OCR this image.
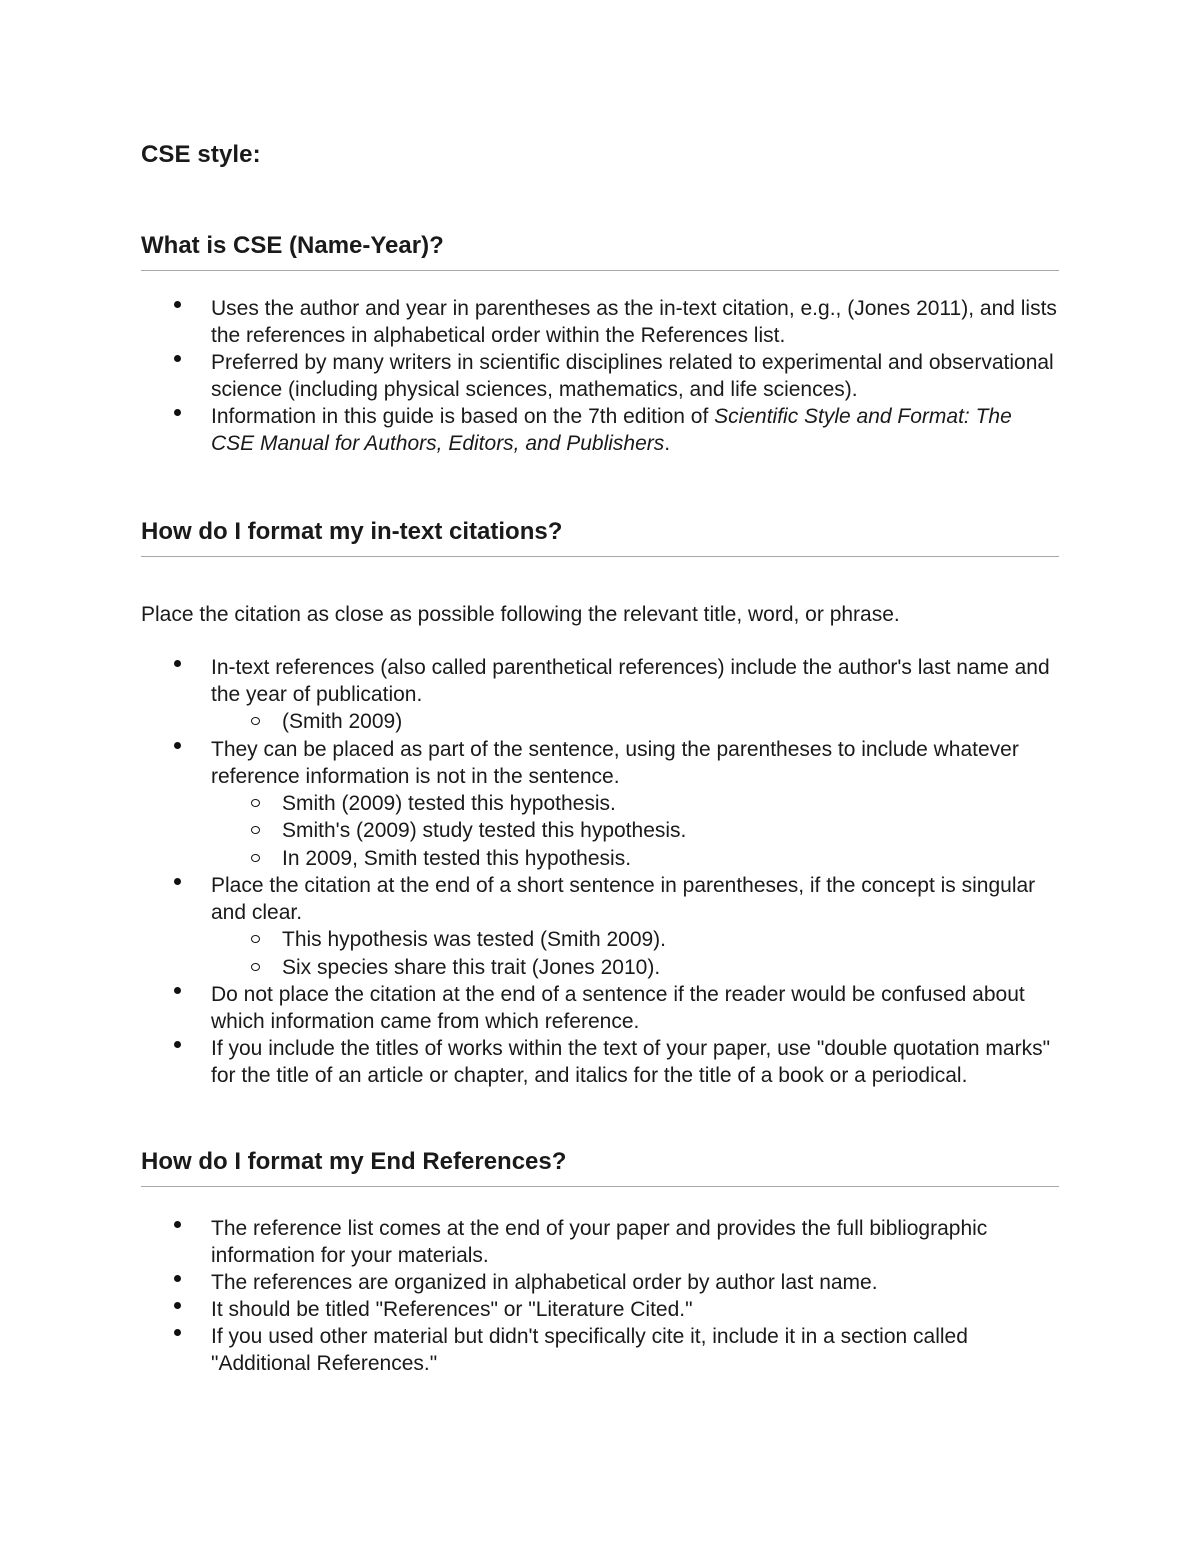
CSE style:
What is CSE (Name-Year)?
Uses the author and year in parentheses as the in-text citation, e.g., (Jones 2011), and lists the references in alphabetical order within the References list.
Preferred by many writers in scientific disciplines related to experimental and observational science (including physical sciences, mathematics, and life sciences).
Information in this guide is based on the 7th edition of Scientific Style and Format: The CSE Manual for Authors, Editors, and Publishers.
How do I format my in-text citations?

Place the citation as close as possible following the relevant title, word, or phrase.

In-text references (also called parenthetical references) include the author's last name and the year of publication.
(Smith 2009)
They can be placed as part of the sentence, using the parentheses to include whatever reference information is not in the sentence.
Smith (2009) tested this hypothesis.
Smith's (2009) study tested this hypothesis.
In 2009, Smith tested this hypothesis.
Place the citation at the end of a short sentence in parentheses, if the concept is singular and clear.
This hypothesis was tested (Smith 2009).
Six species share this trait (Jones 2010).
Do not place the citation at the end of a sentence if the reader would be confused about which information came from which reference.
If you include the titles of works within the text of your paper, use "double quotation marks" for the title of an article or chapter, and italics for the title of a book or a periodical.
How do I format my End References?
The reference list comes at the end of your paper and provides the full bibliographic information for your materials.
The references are organized in alphabetical order by author last name.
It should be titled "References" or "Literature Cited."
If you used other material but didn't specifically cite it, include it in a section called "Additional References."
